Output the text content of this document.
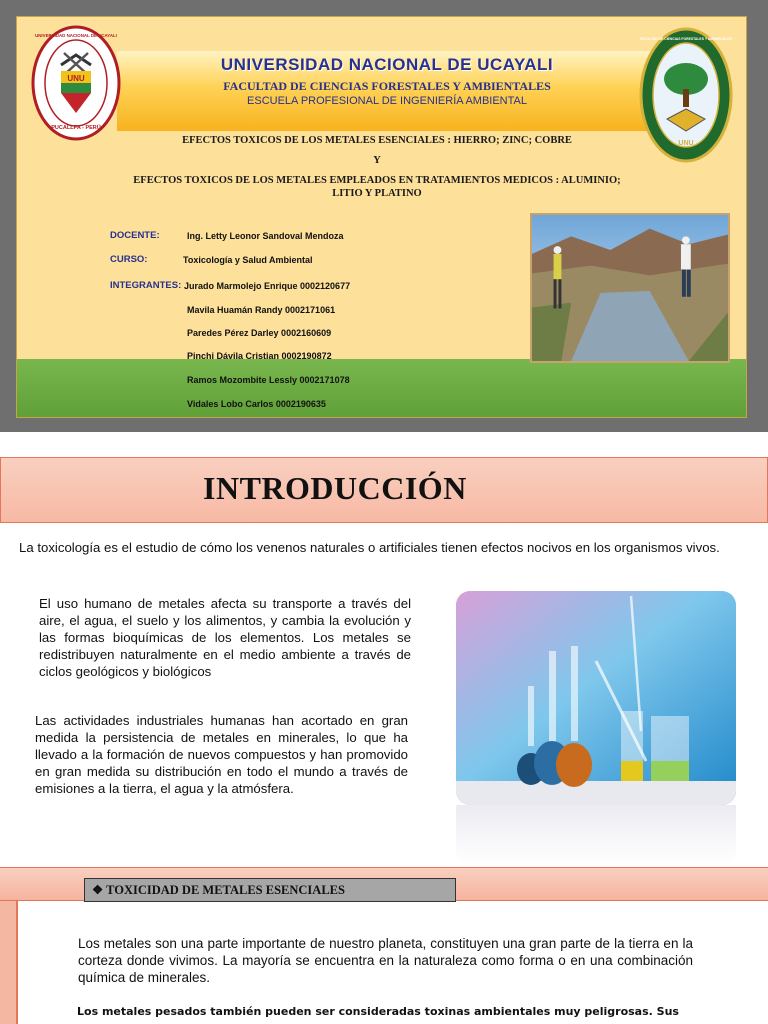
UNU
PUCALLPA - PERÚ
UNIVERSIDAD NACIONAL DE UCAYALI
UNU
FACULTAD DE CIENCIAS FORESTALES Y AMBIENTALES
UNIVERSIDAD NACIONAL DE UCAYALI
FACULTAD DE CIENCIAS FORESTALES Y AMBIENTALES
ESCUELA PROFESIONAL DE INGENIERÍA AMBIENTAL
EFECTOS TOXICOS DE LOS METALES ESENCIALES : HIERRO; ZINC; COBRE
Y
EFECTOS TOXICOS DE LOS METALES EMPLEADOS EN TRATAMIENTOS MEDICOS : ALUMINIO;
LITIO Y PLATINO
DOCENTE:	Ing. Letty Leonor Sandoval Mendoza
CURSO:	Toxicología y Salud Ambiental
INTEGRANTES: Jurado Marmolejo Enrique 0002120677
Mavila Huamán Randy 0002171061
Paredes Pérez Darley 0002160609
Pinchi Dávila Cristian 0002190872
Ramos Mozombite Lessly 0002171078
Vidales Lobo Carlos 0002190635
INTRODUCCIÓN
La toxicología es el estudio de cómo los venenos naturales o artificiales tienen efectos nocivos en los organismos vivos.
El uso humano de metales afecta su transporte a través del aire, el agua, el suelo y los alimentos, y cambia la evolución y las formas bioquímicas de los elementos. Los metales se redistribuyen naturalmente en el medio ambiente a través de ciclos geológicos y biológicos
Las actividades industriales humanas han acortado en gran medida la persistencia de metales en minerales, lo que ha llevado a la formación de nuevos compuestos y han promovido en gran medida su distribución en todo el mundo a través de emisiones a la tierra, el agua y la atmósfera.
❖ TOXICIDAD DE METALES ESENCIALES
Los metales son una parte importante de nuestro planeta, constituyen una gran parte de la tierra en la corteza donde vivimos. La mayoría se encuentra en la naturaleza como forma o en una combinación química de minerales.
Los metales pesados también pueden ser consideradas toxinas ambientales muy peligrosas. Sus
